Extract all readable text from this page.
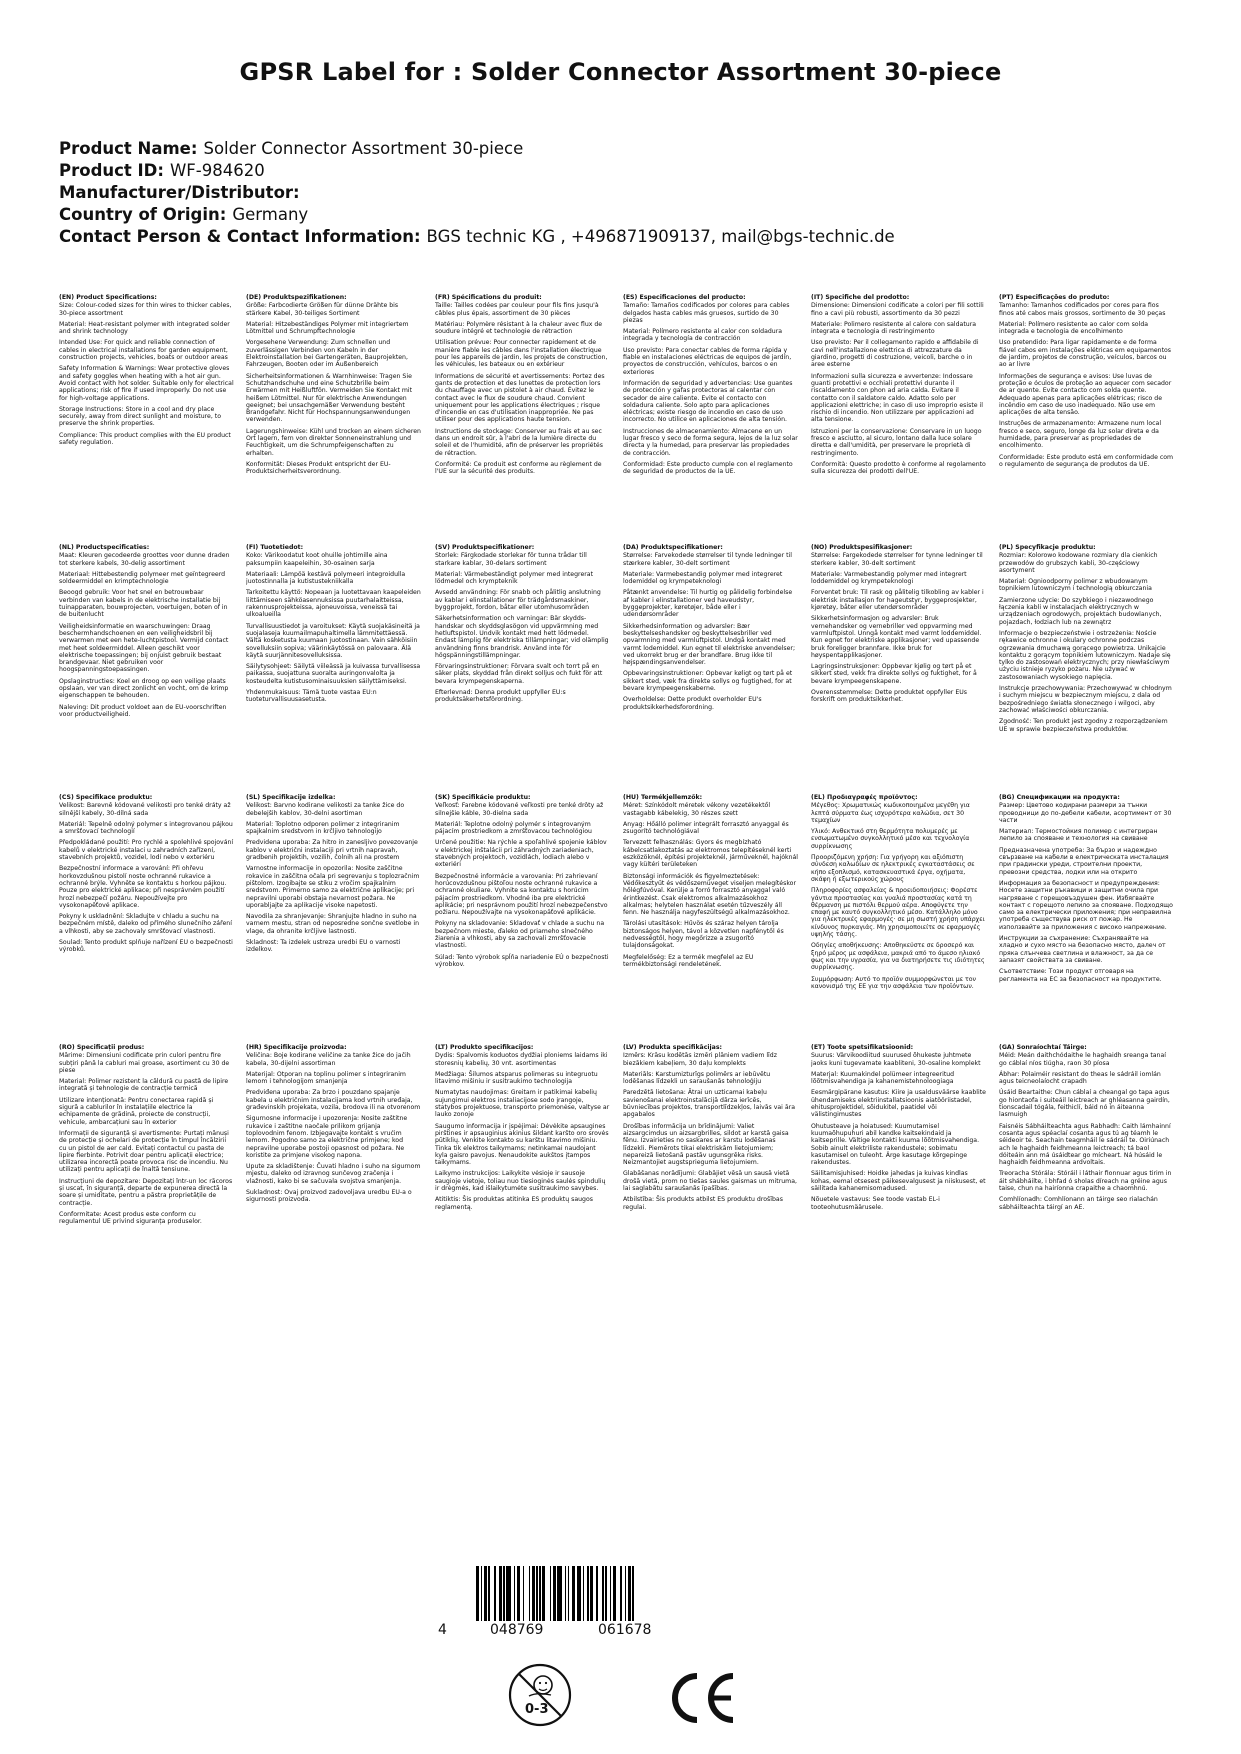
GPSR Label for : Solder Connector Assortment 30-piece
Product Name: Solder Connector Assortment 30-piece
Product ID: WF-984620
Manufacturer/Distributor:
Country of Origin: Germany
Contact Person & Contact Information: BGS technic KG , +496871909137, mail@bgs-technic.de
(EN) Product Specifications:
Size: Colour-coded sizes for thin wires to thicker cables, 30-piece assortment
Material: Heat-resistant polymer with integrated solder and shrink technology
Intended Use: For quick and reliable connection of cables in electrical installations for garden equipment, construction projects, vehicles, boats or outdoor areas
Safety Information & Warnings: Wear protective gloves and safety goggles when heating with a hot air gun. Avoid contact with hot solder. Suitable only for electrical applications; risk of fire if used improperly. Do not use for high-voltage applications.
Storage Instructions: Store in a cool and dry place securely, away from direct sunlight and moisture, to preserve the shrink properties.
Compliance: This product complies with the EU product safety regulation.
(DE) Produktspezifikationen:
Größe: Farbcodierte Größen für dünne Drähte bis stärkere Kabel, 30-teiliges Sortiment
Material: Hitzebeständiges Polymer mit integriertem Lötmittel und Schrumpftechnologie
Vorgesehene Verwendung: Zum schnellen und zuverlässigen Verbinden von Kabeln in der Elektroinstallation bei Gartengeräten, Bauprojekten, Fahrzeugen, Booten oder im Außenbereich
Sicherheitsinformationen & Warnhinweise: Tragen Sie Schutzhandschuhe und eine Schutzbrille beim Erwärmen mit Heißluftfön. Vermeiden Sie Kontakt mit heißem Lötmittel. Nur für elektrische Anwendungen geeignet; bei unsachgemäßer Verwendung besteht Brandgefahr. Nicht für Hochspannungsanwendungen verwenden.
Lagerungshinweise: Kühl und trocken an einem sicheren Ort lagern, fern von direkter Sonneneinstrahlung und Feuchtigkeit, um die Schrumpfeigenschaften zu erhalten.
Konformität: Dieses Produkt entspricht der EU-Produktsicherheitsverordnung.
(FR) Spécifications du produit:
Taille: Tailles codées par couleur pour fils fins jusqu'à câbles plus épais, assortiment de 30 pièces
Matériau: Polymère résistant à la chaleur avec flux de soudure intégré et technologie de rétraction
Utilisation prévue: Pour connecter rapidement et de manière fiable les câbles dans l'installation électrique pour les appareils de jardin, les projets de construction, les véhicules, les bateaux ou en extérieur
Informations de sécurité et avertissements: Portez des gants de protection et des lunettes de protection lors du chauffage avec un pistolet à air chaud. Évitez le contact avec le flux de soudure chaud. Convient uniquement pour les applications électriques ; risque d'incendie en cas d'utilisation inappropriée. Ne pas utiliser pour des applications haute tension.
Instructions de stockage: Conserver au frais et au sec dans un endroit sûr, à l'abri de la lumière directe du soleil et de l'humidité, afin de préserver les propriétés de rétraction.
Conformité: Ce produit est conforme au règlement de l'UE sur la sécurité des produits.
(ES) Especificaciones del producto:
Tamaño: Tamaños codificados por colores para cables delgados hasta cables más gruesos, surtido de 30 piezas
Material: Polímero resistente al calor con soldadura integrada y tecnología de contracción
Uso previsto: Para conectar cables de forma rápida y fiable en instalaciones eléctricas de equipos de jardín, proyectos de construcción, vehículos, barcos o en exteriores
Información de seguridad y advertencias: Use guantes de protección y gafas protectoras al calentar con secador de aire caliente. Evite el contacto con soldadura caliente. Solo apto para aplicaciones eléctricas; existe riesgo de incendio en caso de uso incorrecto. No utilice en aplicaciones de alta tensión.
Instrucciones de almacenamiento: Almacene en un lugar fresco y seco de forma segura, lejos de la luz solar directa y la humedad, para preservar las propiedades de contracción.
Conformidad: Este producto cumple con el reglamento de seguridad de productos de la UE.
(IT) Specifiche del prodotto:
Dimensione: Dimensioni codificate a colori per fili sottili fino a cavi più robusti, assortimento da 30 pezzi
Materiale: Polimero resistente al calore con saldatura integrata e tecnologia di restringimento
Uso previsto: Per il collegamento rapido e affidabile di cavi nell'installazione elettrica di attrezzature da giardino, progetti di costruzione, veicoli, barche o in aree esterne
Informazioni sulla sicurezza e avvertenze: Indossare guanti protettivi e occhiali protettivi durante il riscaldamento con phon ad aria calda. Evitare il contatto con il saldatore caldo. Adatto solo per applicazioni elettriche; in caso di uso improprio esiste il rischio di incendio. Non utilizzare per applicazioni ad alta tensione.
Istruzioni per la conservazione: Conservare in un luogo fresco e asciutto, al sicuro, lontano dalla luce solare diretta e dall'umidità, per preservare le proprietà di restringimento.
Conformità: Questo prodotto è conforme al regolamento sulla sicurezza dei prodotti dell'UE.
(PT) Especificações do produto:
Tamanho: Tamanhos codificados por cores para fios finos até cabos mais grossos, sortimento de 30 peças
Material: Polímero resistente ao calor com solda integrada e tecnologia de encolhimento
Uso pretendido: Para ligar rapidamente e de forma fiável cabos em instalações elétricas em equipamentos de jardim, projetos de construção, veículos, barcos ou ao ar livre
Informações de segurança e avisos: Use luvas de proteção e óculos de proteção ao aquecer com secador de ar quente. Evite contacto com solda quente. Adequado apenas para aplicações elétricas; risco de incêndio em caso de uso inadequado. Não use em aplicações de alta tensão.
Instruções de armazenamento: Armazene num local fresco e seco, seguro, longe da luz solar direta e da humidade, para preservar as propriedades de encolhimento.
Conformidade: Este produto está em conformidade com o regulamento de segurança de produtos da UE.
(NL) Productspecificaties:
Maat: Kleuren gecodeerde groottes voor dunne draden tot sterkere kabels, 30-delig assortiment
Materiaal: Hittebestendig polymeer met geïntegreerd soldeermiddel en krimptechnologie
Beoogd gebruik: Voor het snel en betrouwbaar verbinden van kabels in de elektrische installatie bij tuinapparaten, bouwprojecten, voertuigen, boten of in de buitenlucht
Veiligheidsinformatie en waarschuwingen: Draag beschermhandschoenen en een veiligheidsbril bij verwarmen met een hete-luchtpistool. Vermijd contact met heet soldeermiddel. Alleen geschikt voor elektrische toepassingen; bij onjuist gebruik bestaat brandgevaar. Niet gebruiken voor hoogspanningstoepassingen.
Opslaginstructies: Koel en droog op een veilige plaats opslaan, ver van direct zonlicht en vocht, om de krimp eigenschappen te behouden.
Naleving: Dit product voldoet aan de EU-voorschriften voor productveiligheid.
(FI) Tuotetiedot:
Koko: Värikoodatut koot ohuille johtimille aina paksumpiin kaapeleihin, 30-osainen sarja
Materiaali: Lämpöä kestävä polymeeri integroidulla juotostinnalla ja kutistustekniikalla
Tarkoitettu käyttö: Nopeaan ja luotettavaan kaapeleiden liittämiseen sähköasennuksissa puutarhalaitteissa, rakennusprojekteissa, ajoneuvoissa, veneissä tai ulkoalueilla
Turvallisuustiedot ja varoitukset: Käytä suojakäsineitä ja suojalaseja kuumailmapuhaltimella lämmitettäessä. Vältä kosketusta kuumaan juotostinaan. Vain sähköisiin sovelluksiin sopiva; väärinkäytössä on palovaara. Älä käytä suurjännitesovelluksissa.
Säilytysohjeet: Säilytä viileässä ja kuivassa turvallisessa paikassa, suojattuna suoralta auringonvalolta ja kosteudelta kutistusominaisuuksien säilyttämiseksi.
Yhdenmukaisuus: Tämä tuote vastaa EU:n tuoteturvallisuusasetusta.
(SV) Produktspecifikationer:
Storlek: Färgkodade storlekar för tunna trådar till starkare kablar, 30-delars sortiment
Material: Värmebeständigt polymer med integrerat lödmedel och krympteknik
Avsedd användning: För snabb och pålitlig anslutning av kablar i elinstallationer för trädgårdsmaskiner, byggprojekt, fordon, båtar eller utomhusområden
Säkerhetsinformation och varningar: Bär skydds-handskar och skyddsglasögon vid uppvärmning med hetluftspistol. Undvik kontakt med hett lödmedel. Endast lämplig för elektriska tillämpningar; vid olämplig användning finns brandrisk. Använd inte för högspänningstillämpningar.
Förvaringsinstruktioner: Förvara svalt och torrt på en säker plats, skyddad från direkt solljus och fukt för att bevara krympegenskaperna.
Efterlevnad: Denna produkt uppfyller EU:s produktsäkerhetsförordning.
(DA) Produktspecifikationer:
Størrelse: Farvekodede størrelser til tynde ledninger til stærkere kabler, 30-delt sortiment
Materiale: Varmebestandig polymer med integreret lodemiddel og krympeteknologi
Påtænkt anvendelse: Til hurtig og pålidelig forbindelse af kabler i elinstallationer ved haveudstyr, byggeprojekter, køretøjer, både eller i udendørsområder
Sikkerhedsinformation og advarsler: Bær beskyttelseshandsker og beskyttelsesbriller ved opvarmning med varmluftpistol. Undgå kontakt med varmt lodemiddel. Kun egnet til elektriske anvendelser; ved ukorrekt brug er der brandfare. Brug ikke til højspændingsanvendelser.
Opbevaringsinstruktioner: Opbevar køligt og tørt på et sikkert sted, væk fra direkte sollys og fugtighed, for at bevare krympeegenskaberne.
Overholdelse: Dette produkt overholder EU's produktsikkerhedsforordning.
(NO) Produktspesifikasjoner:
Størrelse: Fargekodede størrelser for tynne ledninger til sterkere kabler, 30-delt sortiment
Materiale: Varmebestandig polymer med integrert loddemiddel og krympeteknologi
Forventet bruk: Til rask og pålitelig tilkobling av kabler i elektrisk installasjon for hageutstyr, byggeprosjekter, kjøretøy, båter eller utendørsområder
Sikkerhetsinformasjon og advarsler: Bruk vernehandsker og vernebriller ved oppvarming med varmluftpistol. Unngå kontakt med varmt loddemiddel. Kun egnet for elektriske applikasjoner; ved upassende bruk foreligger brannfare. Ikke bruk for høyspentapplikasjoner.
Lagringsinstruksjoner: Oppbevar kjølig og tørt på et sikkert sted, vekk fra direkte sollys og fuktighet, for å bevare krympeegenskapene.
Overensstemmelse: Dette produktet oppfyller EUs forskrift om produktsikkerhet.
(PL) Specyfikacje produktu:
Rozmiar: Kolorowo kodowane rozmiary dla cienkich przewodów do grubszych kabli, 30-częściowy asortyment
Materiał: Ognioodporny polimer z wbudowanym topnikiem lutowniczym i technologią obkurczania
Zamierzone użycie: Do szybkiego i niezawodnego łączenia kabli w instalacjach elektrycznych w urządzeniach ogrodowych, projektach budowlanych, pojazdach, łodziach lub na zewnątrz
Informacje o bezpieczeństwie i ostrzeżenia: Noście rękawice ochronne i okulary ochronne podczas ogrzewania dmuchawą gorącego powietrza. Unikajcie kontaktu z gorącym topnikiem lutowniczym. Nadaje się tylko do zastosowań elektrycznych; przy niewłaściwym użyciu istnieje ryzyko pożaru. Nie używać w zastosowaniach wysokiego napięcia.
Instrukcje przechowywania: Przechowywać w chłodnym i suchym miejscu w bezpiecznym miejscu, z dala od bezpośredniego światła słonecznego i wilgoci, aby zachować właściwości obkurczania.
Zgodność: Ten produkt jest zgodny z rozporządzeniem UE w sprawie bezpieczeństwa produktów.
(CS) Specifikace produktu:
Velikost: Barevně kódované velikosti pro tenké dráty až silnější kabely, 30-dílná sada
Materiál: Tepelně odolný polymer s integrovanou pájkou a smršťovací technologií
Předpokládané použití: Pro rychlé a spolehlivé spojování kabelů v elektrické instalaci u zahradních zařízení, stavebních projektů, vozidel, lodí nebo v exteriéru
Bezpečnostní informace a varování: Při ohřevu horkovzdušnou pistolí noste ochranné rukavice a ochranné brýle. Vyhněte se kontaktu s horkou pájkou. Pouze pro elektrické aplikace; při nesprávném použití hrozí nebezpečí požáru. Nepoužívejte pro vysokonapěťové aplikace.
Pokyny k uskladnění: Skladujte v chladu a suchu na bezpečném místě, daleko od přímého slunečního záření a vlhkosti, aby se zachovaly smršťovací vlastnosti.
Soulad: Tento produkt splňuje nařízení EU o bezpečnosti výrobků.
(SL) Specifikacije izdelka:
Velikost: Barvno kodirane velikosti za tanke žice do debelejših kablov, 30-delni asortiman
Material: Toplotno odporen polimer z integriranim spajkalnim sredstvom in krčljivo tehnologijo
Predvidena uporaba: Za hitro in zanesljivo povezovanje kablov v električni instalaciji pri vrtnih napravah, gradbenih projektih, vozilih, čolnih ali na prostem
Varnostne informacije in opozorila: Nosite zaščitne rokavice in zaščitna očala pri segrevanju s toplozračnim pištolom. Izogibajte se stiku z vročim spajkalnim sredstvom. Primerno samo za električne aplikacije; pri nepravilni uporabi obstaja nevarnost požara. Ne uporabljajte za aplikacije visoke napetosti.
Navodila za shranjevanje: Shranjujte hladno in suho na varnem mestu, stran od neposredne sončne svetlobe in vlage, da ohranite krčljive lastnosti.
Skladnost: Ta izdelek ustreza uredbi EU o varnosti izdelkov.
(SK) Špecifikácie produktu:
Veľkosť: Farebne kódované veľkosti pre tenké drôty až silnejšie káble, 30-dielna sada
Materiál: Teplotne odolný polymér s integrovaným pájacím prostriedkom a zmršťovacou technológiou
Určené použitie: Na rýchle a spoľahlivé spojenie káblov v elektrickej inštalácii pri záhradných zariadeniach, stavebných projektoch, vozidlách, lodiach alebo v exteriéri
Bezpečnostné informácie a varovania: Pri zahrievaní horúcovzdušnou pištoľou noste ochranné rukavice a ochranné okuliare. Vyhnite sa kontaktu s horúcim pájacím prostriedkom. Vhodné iba pre elektrické aplikácie; pri nesprávnom použití hrozí nebezpečenstvo požiaru. Nepoužívajte na vysokonapäťové aplikácie.
Pokyny na skladovanie: Skladovať v chlade a suchu na bezpečnom mieste, ďaleko od priameho slnečného žiarenia a vlhkosti, aby sa zachovali zmršťovacie vlastnosti.
Súlad: Tento výrobok spĺňa nariadenie EÚ o bezpečnosti výrobkov.
(HU) Termékjellemzők:
Méret: Színkódolt méretek vékony vezetékektől vastagabb kábelekig, 30 részes szett
Anyag: Hőálló polimer integrált forrasztó anyaggal és zsugorító technológiával
Tervezett felhasználás: Gyors és megbízható kábelcsatlakoztatás az elektromos telepítéseknél kerti eszközöknél, építési projekteknél, járműveknél, hajóknál vagy kültéri területeken
Biztonsági információk és figyelmeztetések: Védőkesztyűt és védőszemüveget viseljen melegítéskor hőlégfúvóval. Kerülje a forró forrasztó anyaggal való érintkezést. Csak elektromos alkalmazásokhoz alkalmas; helytelen használat esetén tűzveszély áll fenn. Ne használja nagyfeszültségű alkalmazásokhoz.
Tárolási utasítások: Hűvös és száraz helyen tárolja biztonságos helyen, távol a közvetlen napfénytől és nedvességtől, hogy megőrizze a zsugorító tulajdonságokat.
Megfelelőség: Ez a termék megfelel az EU termékbiztonsági rendeletének.
(EL) Προδιαγραφές προϊόντος:
Μέγεθος: Χρωματικώς κωδικοποιημένα μεγέθη για λεπτά σύρματα έως ισχυρότερα καλώδια, σετ 30 τεμαχίων
Υλικό: Ανθεκτικό στη θερμότητα πολυμερές με ενσωματωμένο συγκολλητικό μέσο και τεχνολογία συρρίκνωσης
Προοριζόμενη χρήση: Για γρήγορη και αξιόπιστη σύνδεση καλωδίων σε ηλεκτρικές εγκαταστάσεις σε κήπο εξοπλισμό, κατασκευαστικά έργα, οχήματα, σκάφη ή εξωτερικούς χώρους
Πληροφορίες ασφαλείας & προειδοποιήσεις: Φορέστε γάντια προστασίας και γυαλιά προστασίας κατά τη θέρμανση με πιστόλι θερμού αέρα. Αποφύγετε την επαφή με καυτό συγκολλητικό μέσο. Κατάλληλο μόνο για ηλεκτρικές εφαρμογές· σε μη σωστή χρήση υπάρχει κίνδυνος πυρκαγιάς. Μη χρησιμοποιείτε σε εφαρμογές υψηλής τάσης.
Οδηγίες αποθήκευσης: Αποθηκεύστε σε δροσερό και ξηρό μέρος με ασφάλεια, μακριά από το άμεσο ηλιακό φως και την υγρασία, για να διατηρήσετε τις ιδιότητες συρρίκνωσης.
Συμμόρφωση: Αυτό το προϊόν συμμορφώνεται με τον κανονισμό της ΕΕ για την ασφάλεια των προϊόντων.
(BG) Спецификации на продукта:
Размер: Цветово кодирани размери за тънки проводници до по-дебели кабели, асортимент от 30 части
Материал: Термостойкия полимер с интегриран лепило за спояване и технология на свиване
Предназначена употреба: За бързо и надеждно свързване на кабели в електрическата инсталация при градински уреди, строителни проекти, превозни средства, лодки или на открито
Информация за безопасност и предупреждения: Носете защитни ръкавици и защитни очила при нагряване с горещовъздушен фен. Избягвайте контакт с горещото лепило за спояване. Подходящо само за електрически приложения; при неправилна употреба съществува риск от пожар. Не използвайте за приложения с високо напрежение.
Инструкции за съхранение: Съхранявайте на хладно и сухо място на безопасно място, далеч от пряка слънчева светлина и влажност, за да се запазят свойствата за свиване.
Съответствие: Този продукт отговаря на регламента на ЕС за безопасност на продуктите.
(RO) Specificații produs:
Mărime: Dimensiuni codificate prin culori pentru fire subțiri până la cabluri mai groase, asortiment cu 30 de piese
Material: Polimer rezistent la căldură cu pastă de lipire integrată și tehnologie de contracție termică
Utilizare intenționată: Pentru conectarea rapidă și sigură a cablurilor în instalațiile electrice la echipamente de grădină, proiecte de construcții, vehicule, ambarcațiuni sau în exterior
Informații de siguranță și avertismente: Purtați mănuși de protecție și ochelari de protecție în timpul încălzirii cu un pistol de aer cald. Evitați contactul cu pasta de lipire fierbinte. Potrivit doar pentru aplicații electrice; utilizarea incorectă poate provoca risc de incendiu. Nu utilizați pentru aplicații de înaltă tensiune.
Instrucțiuni de depozitare: Depozitați într-un loc răcoros și uscat, în siguranță, departe de expunerea directă la soare și umiditate, pentru a păstra proprietățile de contracție.
Conformitate: Acest produs este conform cu regulamentul UE privind siguranța produselor.
(HR) Specifikacije proizvoda:
Veličina: Boje kodirane veličine za tanke žice do jačih kabela, 30-dijelni assortiman
Materijal: Otporan na toplinu polimer s integriranim lemom i tehnologijom smanjenja
Predviđena uporaba: Za brzo i pouzdano spajanje kabela u električnim instalacijama kod vrtnih uređaja, građevinskih projekata, vozila, brodova ili na otvorenom
Sigurnosne informacije i upozorenja: Nosite zaštitne rukavice i zaštitne naočale prilikom grijanja toplovodnim fenom. Izbjegavajte kontakt s vrućim lemom. Pogodno samo za električne primjene; kod nepravilne uporabe postoji opasnost od požara. Ne koristite za primjene visokog napona.
Upute za skladištenje: Čuvati hladno i suho na sigurnom mjestu, daleko od izravnog sunčevog zračenja i vlažnosti, kako bi se sačuvala svojstva smanjenja.
Sukladnost: Ovaj proizvod zadovoljava uredbu EU-a o sigurnosti proizvoda.
(LT) Produkto specifikacijos:
Dydis: Spalvomis koduotos dydžiai ploniems laidams iki storesnių kabelių, 30 vnt. asortimentas
Medžiaga: Šilumos atsparus polimeras su integruotu litavimo mišiniu ir susitraukimo technologija
Numatytas naudojimas: Greitam ir patikimai kabelių sujungimui elektros instaliacijose sodo įrangoje, statybos projektuose, transporto priemonėse, valtyse ar lauko zonoje
Saugumo informacija ir įspėjimai: Dėvėkite apsaugines pirštines ir apsauginius akinius šildant karšto oro srovės pūtiklių. Venkite kontakto su karštu litavimo mišiniu. Tinka tik elektros taikymams; netinkamai naudojant kyla gaisro pavojus. Nenaudokite aukštos įtampos taikymams.
Laikymo instrukcijos: Laikykite vėsioje ir sausoje saugioje vietoje, toliau nuo tiesioginės saulės spindulių ir drėgmės, kad išlaikytumėte susitraukimo savybes.
Atitiktis: Šis produktas atitinka ES produktų saugos reglamentą.
(LV) Produkta specifikācijas:
Izmērs: Krāsu kodētās izmēri plāniem vadiem līdz biezākiem kabeļiem, 30 daļu komplekts
Materiāls: Karstumizturīgs polimērs ar iebūvētu lodēšanas līdzekli un saraušanās tehnoloģiju
Paredzētā lietošana: Ātrai un uzticamai kabeļu savienošanai elektroinstalācijā dārza ierīcēs, būvniecības projektos, transportlīdzekļos, laivās vai āra apgabalos
Drošības informācija un brīdinājumi: Valiet aizsargcimdus un aizsargbrilles, sildot ar karstā gaisa fēnu. Izvairieties no saskares ar karstu lodēšanas līdzekli. Piemērots tikai elektriskām lietojumiem; nepareizā lietošanā pastāv ugunsgrēka risks. Neizmantojiet augstsprieguma lietojumiem.
Glabāšanas norādījumi: Glabājiet vēsā un sausā vietā drošā vietā, prom no tiešas saules gaismas un mitruma, lai saglabātu saraušanās īpašības.
Atbilstība: Šis produkts atbilst ES produktu drošības regulai.
(ET) Toote spetsifikatsioonid:
Suurus: Värvikoodiitud suurused õhukeste juhtmete jaoks kuni tugevamate kaabliteni, 30-osaline komplekt
Materjal: Kuumakindel polümeer integreeritud lõõtmisvahendiga ja kahanemistehnoloogiaga
Eesmärgipärane kasutus: Kiire ja usaldusväärse kaablite ühendamiseks elektriinstallatsioonis aiatööriistadel, ehitusprojektidel, sõidukitel, paatidel või välistingimustes
Ohutusteave ja hoiatused: Kuumutamisel kuumaõhupuhuri abil kandke kaitsekindaid ja kaitseprille. Vältige kontakti kuuma lõõtmisvahendiga. Sobib ainult elektriliste rakendustele; sobimatu kasutamisel on tuleoht. Ärge kasutage kõrgepinge rakendustes.
Säilitamisjuhised: Hoidke jahedas ja kuivas kindlas kohas, eemal otsesest päikesevalgusest ja niiskusest, et säilitada kahanemisomadused.
Nõuetele vastavus: See toode vastab EL-i tooteohutusmäärusele.
(GA) Sonraíochtaí Táirge:
Méid: Meán daithchódaithe le haghaidh sreanga tanaí go cáblaí níos tiúgha, raon 30 píosa
Ábhar: Polaiméir resistant do theas le sádráil iomlán agus teicneolaíocht crapadh
Úsáid Beartaithe: Chun cáblaí a cheangal go tapa agus go hiontaofa i suiteáil leictreach ar ghléasanna gairdín, tionscadail tógála, feithiclí, báid nó in áiteanna lasmuigh
Faisnéis Sábháilteachta agus Rabhadh: Caith lámhainní cosanta agus spéaclaí cosanta agus tú ag téamh le séideoir te. Seachain teagmháil le sádráil te. Oiriúnach ach le haghaidh feidhmeanna leictreach; tá baol dóiteáin ann má úsáidtear go mícheart. Ná húsáid le haghaidh feidhmeanna ardvoltais.
Treoracha Stórála: Stóráil i láthair fionnuar agus tirim in áit shábháilte, i bhfad ó sholas díreach na gréine agus taise, chun na hairíonna crapaithe a chaomhnú.
Comhlíonadh: Comhlíonann an táirge seo rialachán sábháilteachta táirgí an AE.
4	048769	061678
0-3
